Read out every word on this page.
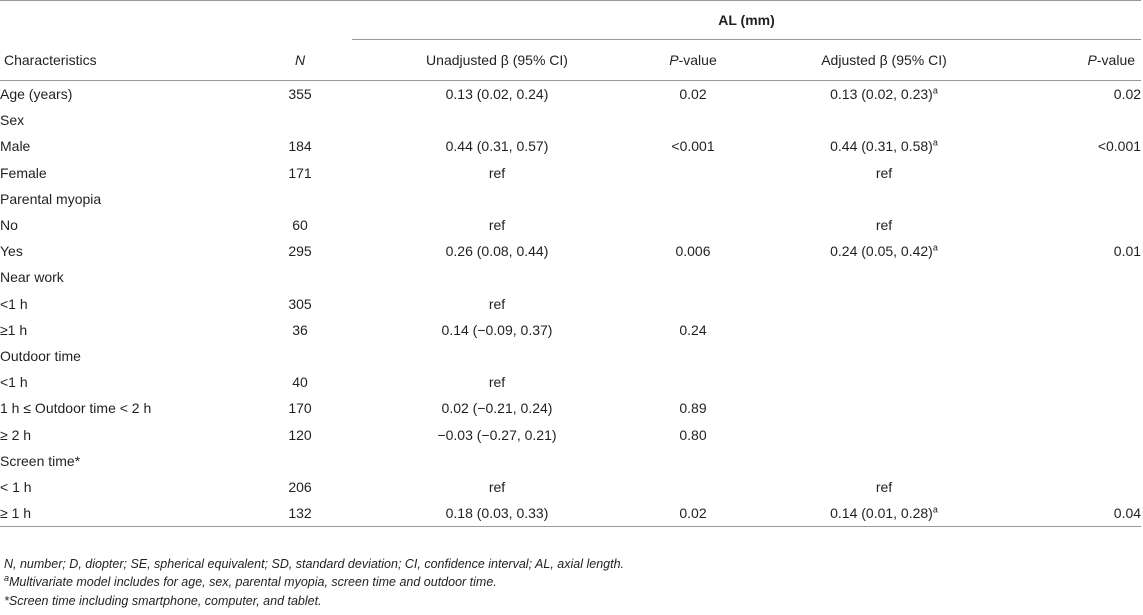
		AL (mm)			
Characteristics	N	Unadjusted β (95% CI)	P-value	Adjusted β (95% CI)	P-value
Age (years)	355	0.13 (0.02, 0.24)	0.02	0.13 (0.02, 0.23)$^a$	0.02
Sex					
Male	184	0.44 (0.31, 0.57)	<0.001	0.44 (0.31, 0.58)$^a$	<0.001
Female	171	ref		ref	
Parental myopia					
No	60	ref		ref	
Yes	295	0.26 (0.08, 0.44)	0.006	0.24 (0.05, 0.42)$^a$	0.01
Near work					
<1 h	305	ref			
≥1 h	36	0.14 (−0.09, 0.37)	0.24		
Outdoor time					
<1 h	40	ref			
1 h ≤ Outdoor time < 2 h	170	0.02 (−0.21, 0.24)	0.89		
≥ 2 h	120	−0.03 (−0.27, 0.21)	0.80		
Screen time*					
< 1 h	206	ref		ref	
≥ 1 h	132	0.18 (0.03, 0.33)	0.02	0.14 (0.01, 0.28)$^a$	0.04
N, number; D, diopter; SE, spherical equivalent; SD, standard deviation; CI, confidence interval; AL, axial length.
$^a$Multivariate model includes for age, sex, parental myopia, screen time and outdoor time.
*Screen time including smartphone, computer, and tablet.
